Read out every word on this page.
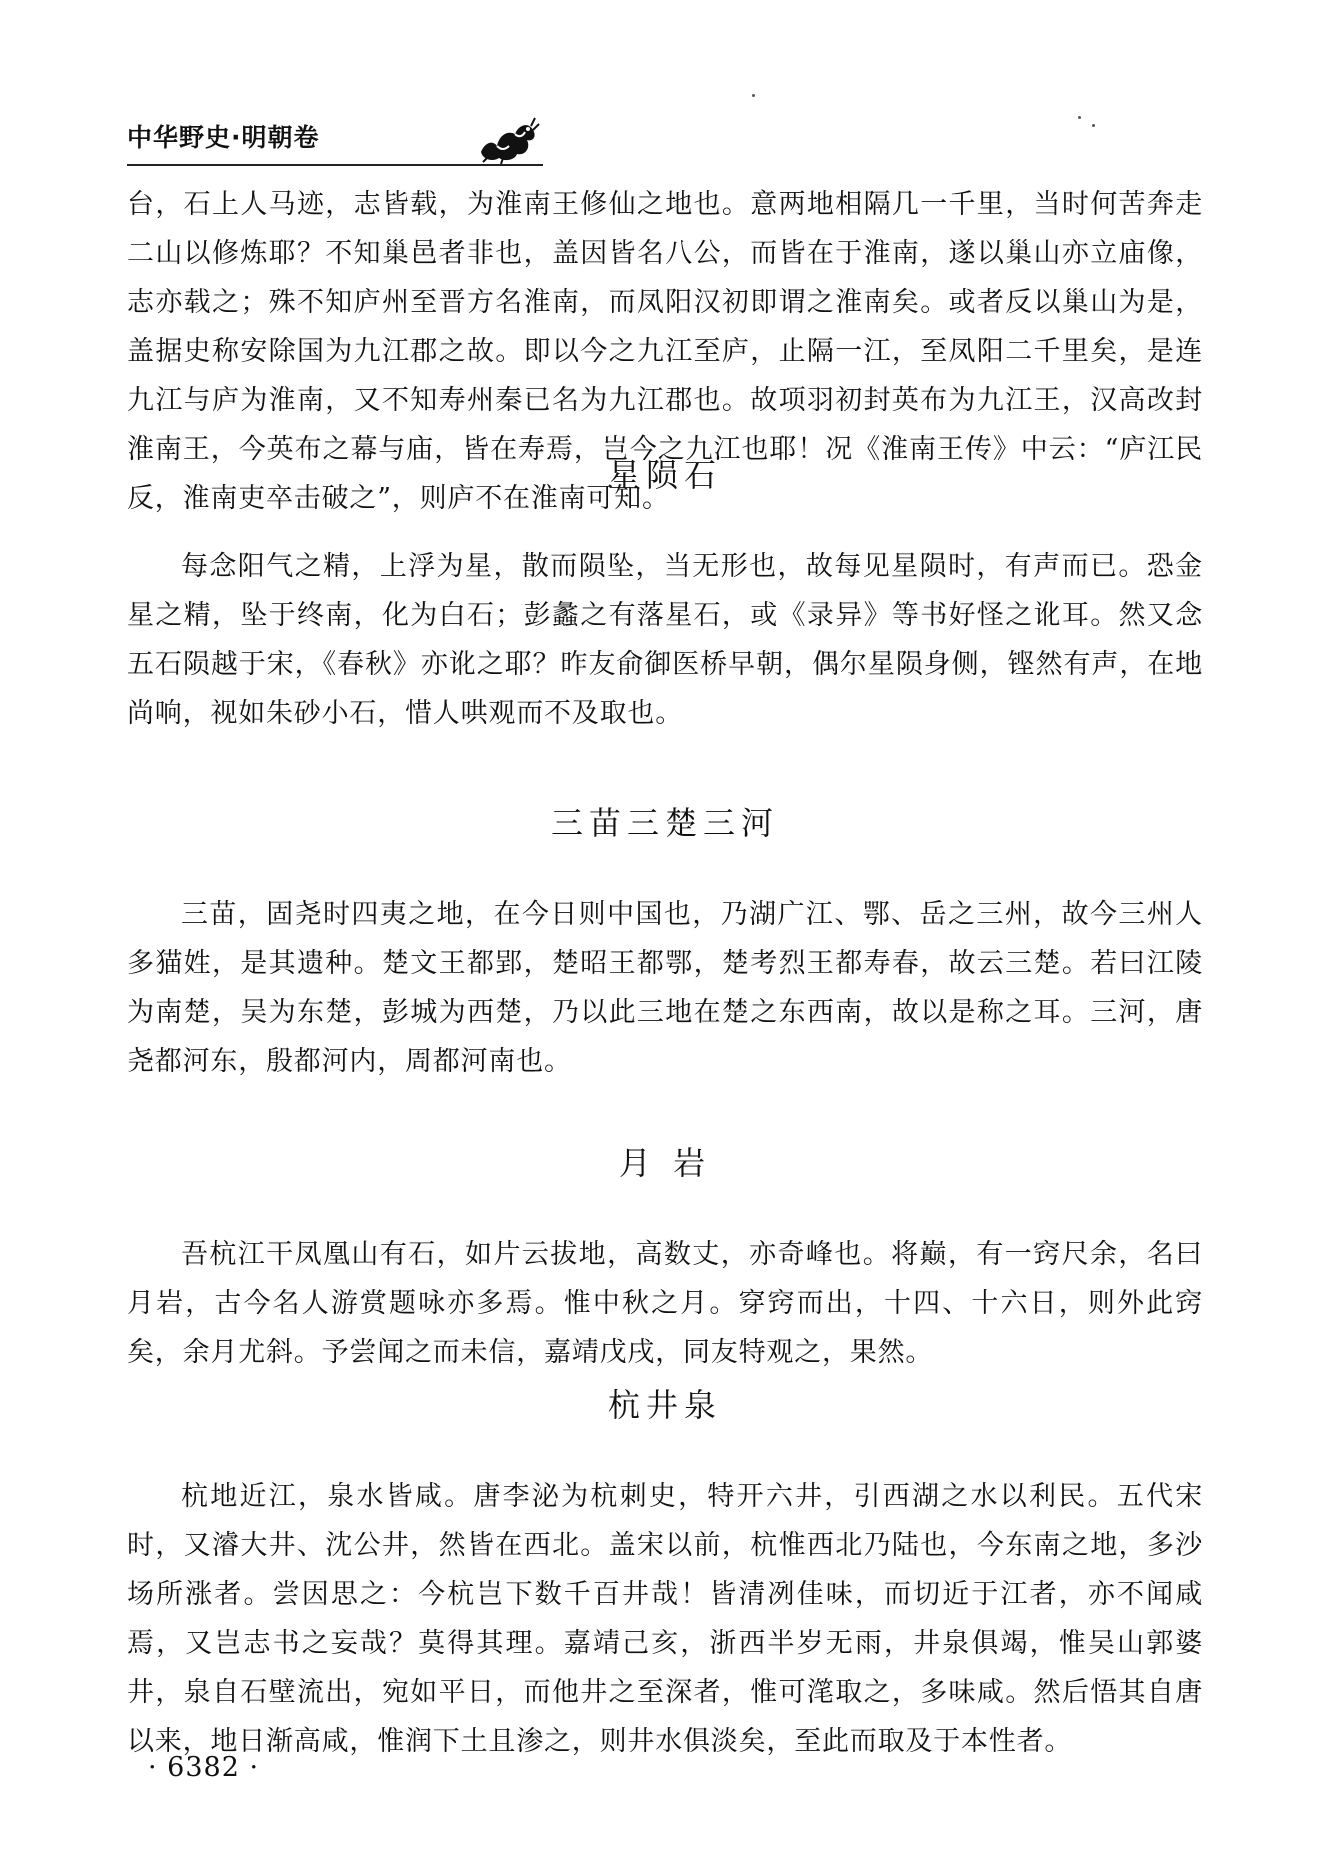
中华野史·明朝卷

台，石上人马迹，志皆载，为淮南王修仙之地也。意两地相隔几一千里，当时何苦奔走二山以修炼耶？不知巢邑者非也，盖因皆名八公，而皆在于淮南，遂以巢山亦立庙像，志亦载之；殊不知庐州至晋方名淮南，而凤阳汉初即谓之淮南矣。或者反以巢山为是，盖据史称安除国为九江郡之故。即以今之九江至庐，止隔一江，至凤阳二千里矣，是连九江与庐为淮南，又不知寿州秦已名为九江郡也。故项羽初封英布为九江王，汉高改封淮南王，今英布之幕与庙，皆在寿焉，岂今之九江也耶！况《淮南王传》中云：“庐江民反，淮南吏卒击破之”，则庐不在淮南可知。

星陨石

每念阳气之精，上浮为星，散而陨坠，当无形也，故每见星陨时，有声而已。恐金星之精，坠于终南，化为白石；彭蠡之有落星石，或《录异》等书好怪之讹耳。然又念五石陨越于宋，《春秋》亦讹之耶？昨友俞御医桥早朝，偶尔星陨身侧，铿然有声，在地尚响，视如朱砂小石，惜人哄观而不及取也。

三苗三楚三河

三苗，固尧时四夷之地，在今日则中国也，乃湖广江、鄂、岳之三州，故今三州人多猫姓，是其遗种。楚文王都郢，楚昭王都鄂，楚考烈王都寿春，故云三楚。若曰江陵为南楚，吴为东楚，彭城为西楚，乃以此三地在楚之东西南，故以是称之耳。三河，唐尧都河东，殷都河内，周都河南也。

月 岩

吾杭江干凤凰山有石，如片云拔地，高数丈，亦奇峰也。将巅，有一窍尺余，名曰月岩，古今名人游赏题咏亦多焉。惟中秋之月。穿窍而出，十四、十六日，则外此窍矣，余月尤斜。予尝闻之而未信，嘉靖戊戌，同友特观之，果然。

杭井泉

杭地近江，泉水皆咸。唐李泌为杭刺史，特开六井，引西湖之水以利民。五代宋时，又濬大井、沈公井，然皆在西北。盖宋以前，杭惟西北乃陆也，今东南之地，多沙场所涨者。尝因思之：今杭岂下数千百井哉！皆清冽佳味，而切近于江者，亦不闻咸焉，又岂志书之妄哉？莫得其理。嘉靖己亥，浙西半岁无雨，井泉俱竭，惟吴山郭婆井，泉自石壁流出，宛如平日，而他井之至深者，惟可滗取之，多味咸。然后悟其自唐以来，地日渐高咸，惟润下土且渗之，则井水俱淡矣，至此而取及于本性者。

· 6382 ·
